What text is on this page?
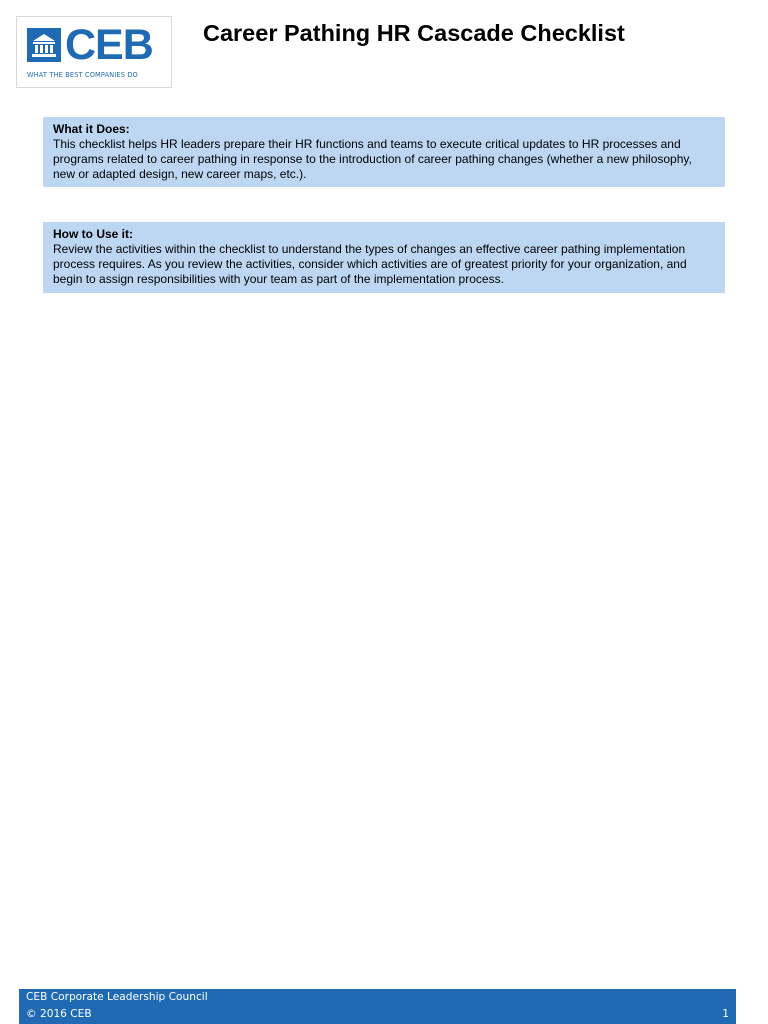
CEB
WHAT THE BEST COMPANIES DO
Career Pathing HR Cascade Checklist
What it Does:
This checklist helps HR leaders prepare their HR functions and teams to execute critical updates to HR processes and programs related to career pathing in response to the introduction of career pathing changes (whether a new philosophy, new or adapted design, new career maps, etc.).
How to Use it:
Review the activities within the checklist to understand the types of changes an effective career pathing implementation process requires. As you review the activities, consider which activities are of greatest priority for your organization, and begin to assign responsibilities with your team as part of the implementation process.
CEB Corporate Leadership Council
© 2016 CEB	1
